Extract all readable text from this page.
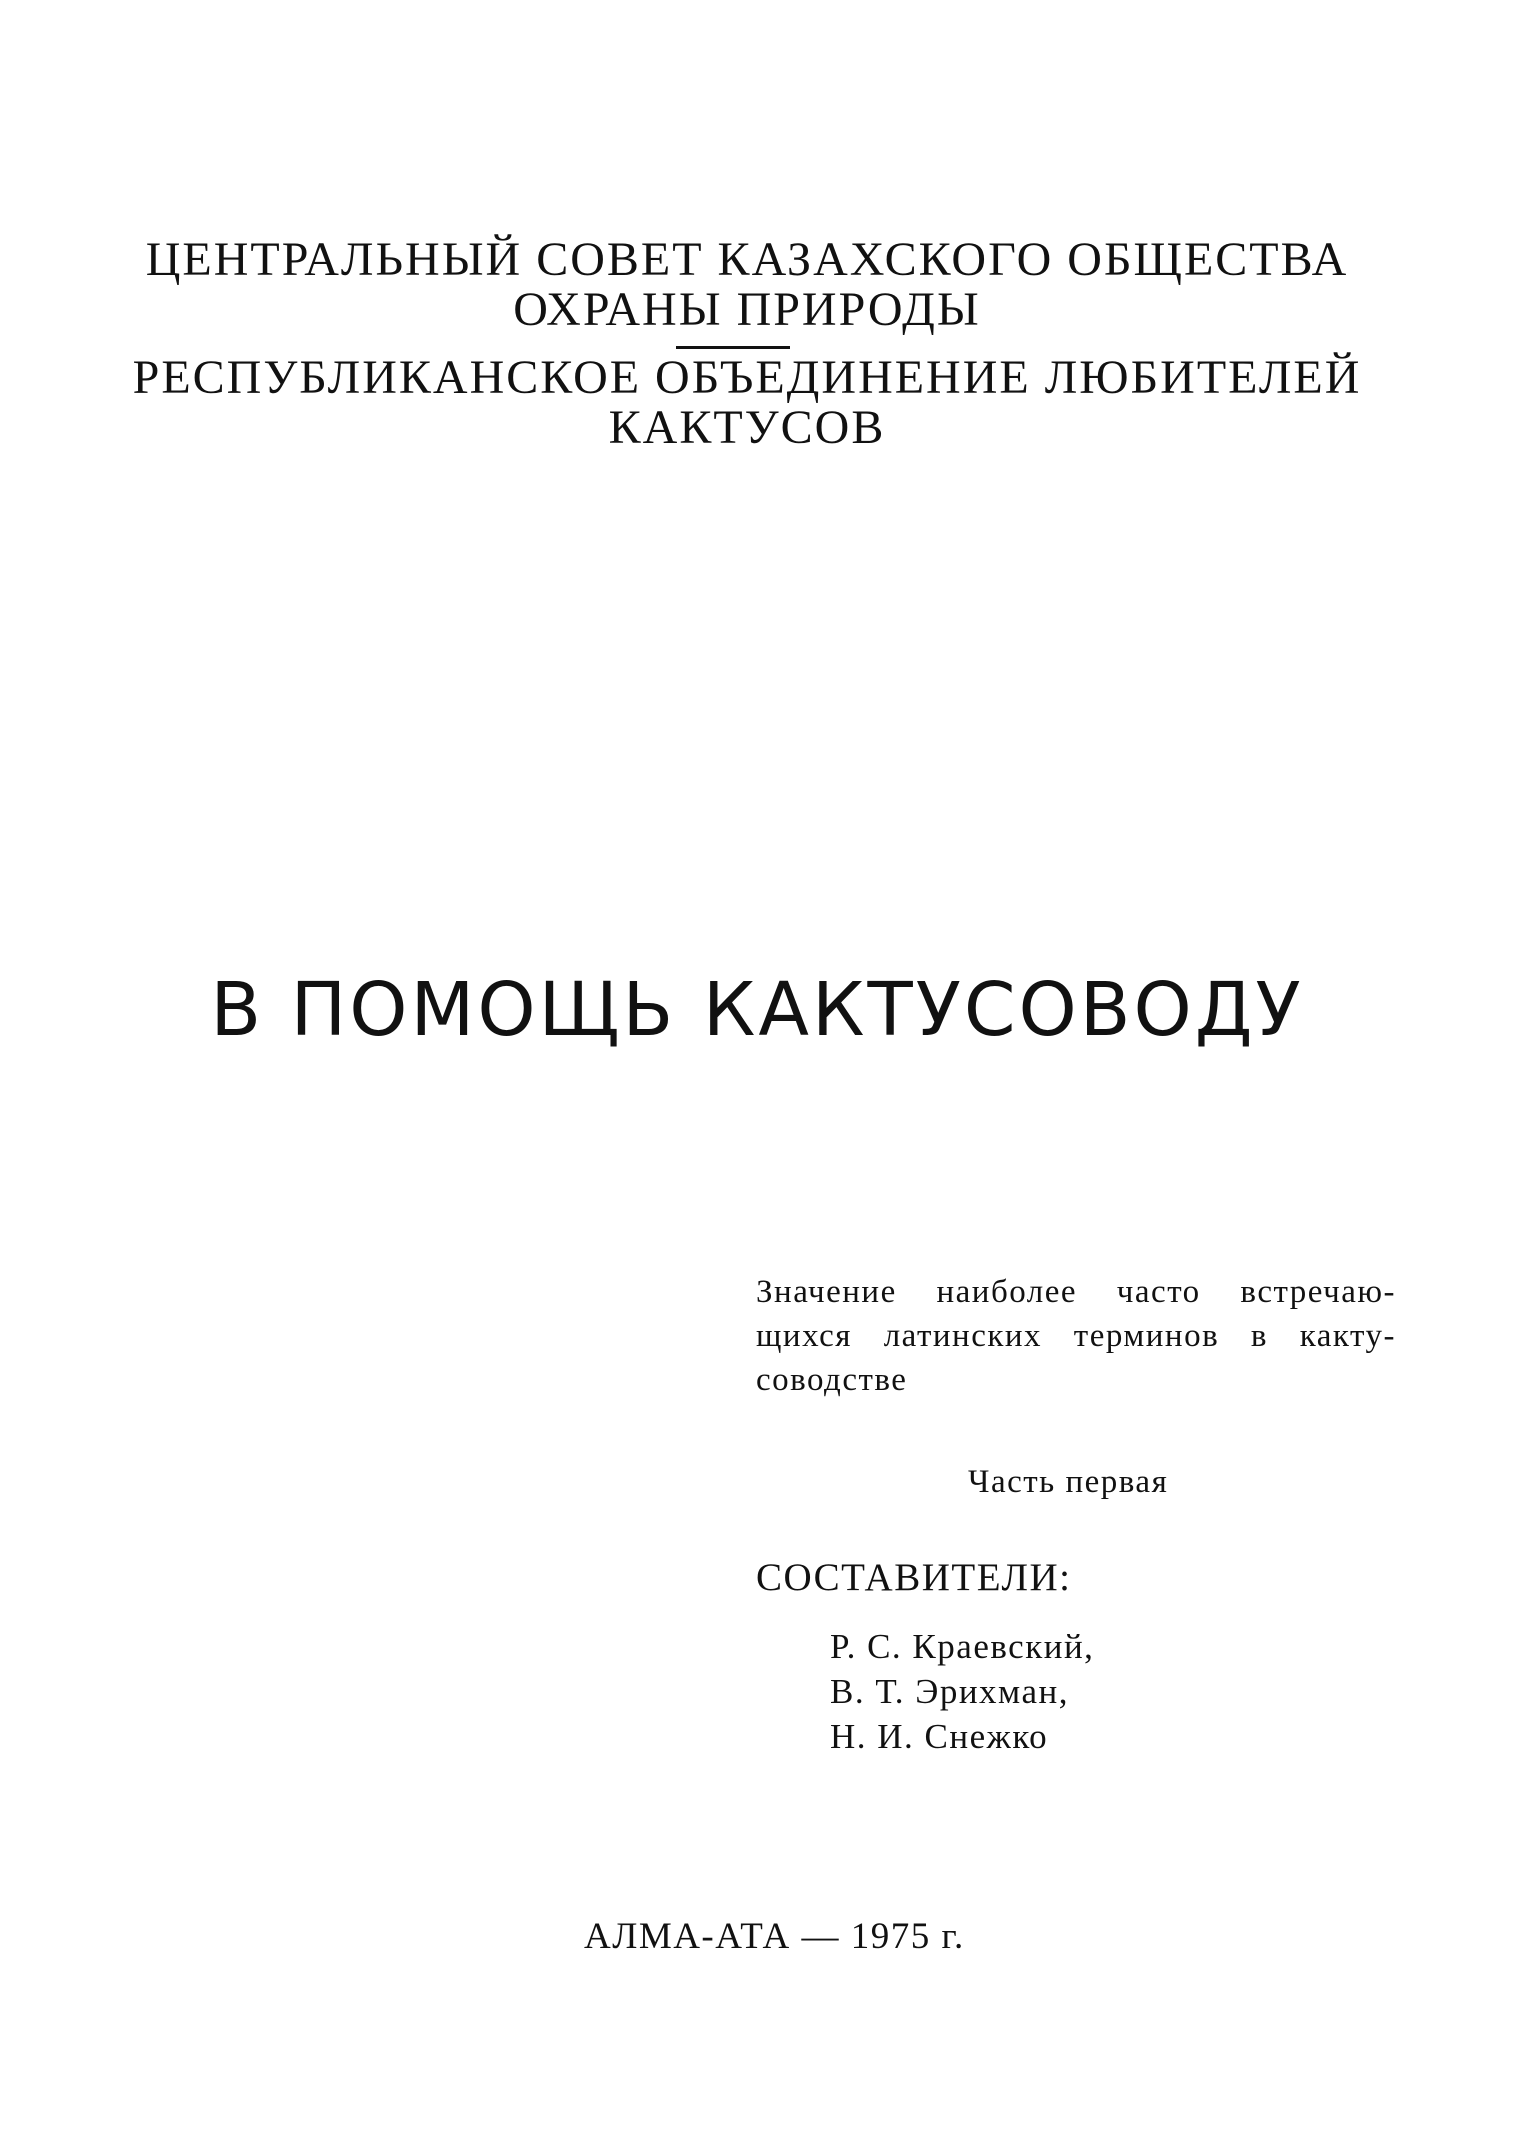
ЦЕНТРАЛЬНЫЙ СОВЕТ КАЗАХСКОГО ОБЩЕСТВА
ОХРАНЫ ПРИРОДЫ
РЕСПУБЛИКАНСКОЕ ОБЪЕДИНЕНИЕ ЛЮБИТЕЛЕЙ
КАКТУСОВ
В ПОМОЩЬ КАКТУСОВОДУ
Значение наиболее часто встречаю-
щихся латинских терминов в какту-
соводстве
Часть первая
СОСТАВИТЕЛИ:
Р. С. Краевский,
В. Т. Эрихман,
Н. И. Снежко
АЛМА-АТА — 1975 г.
